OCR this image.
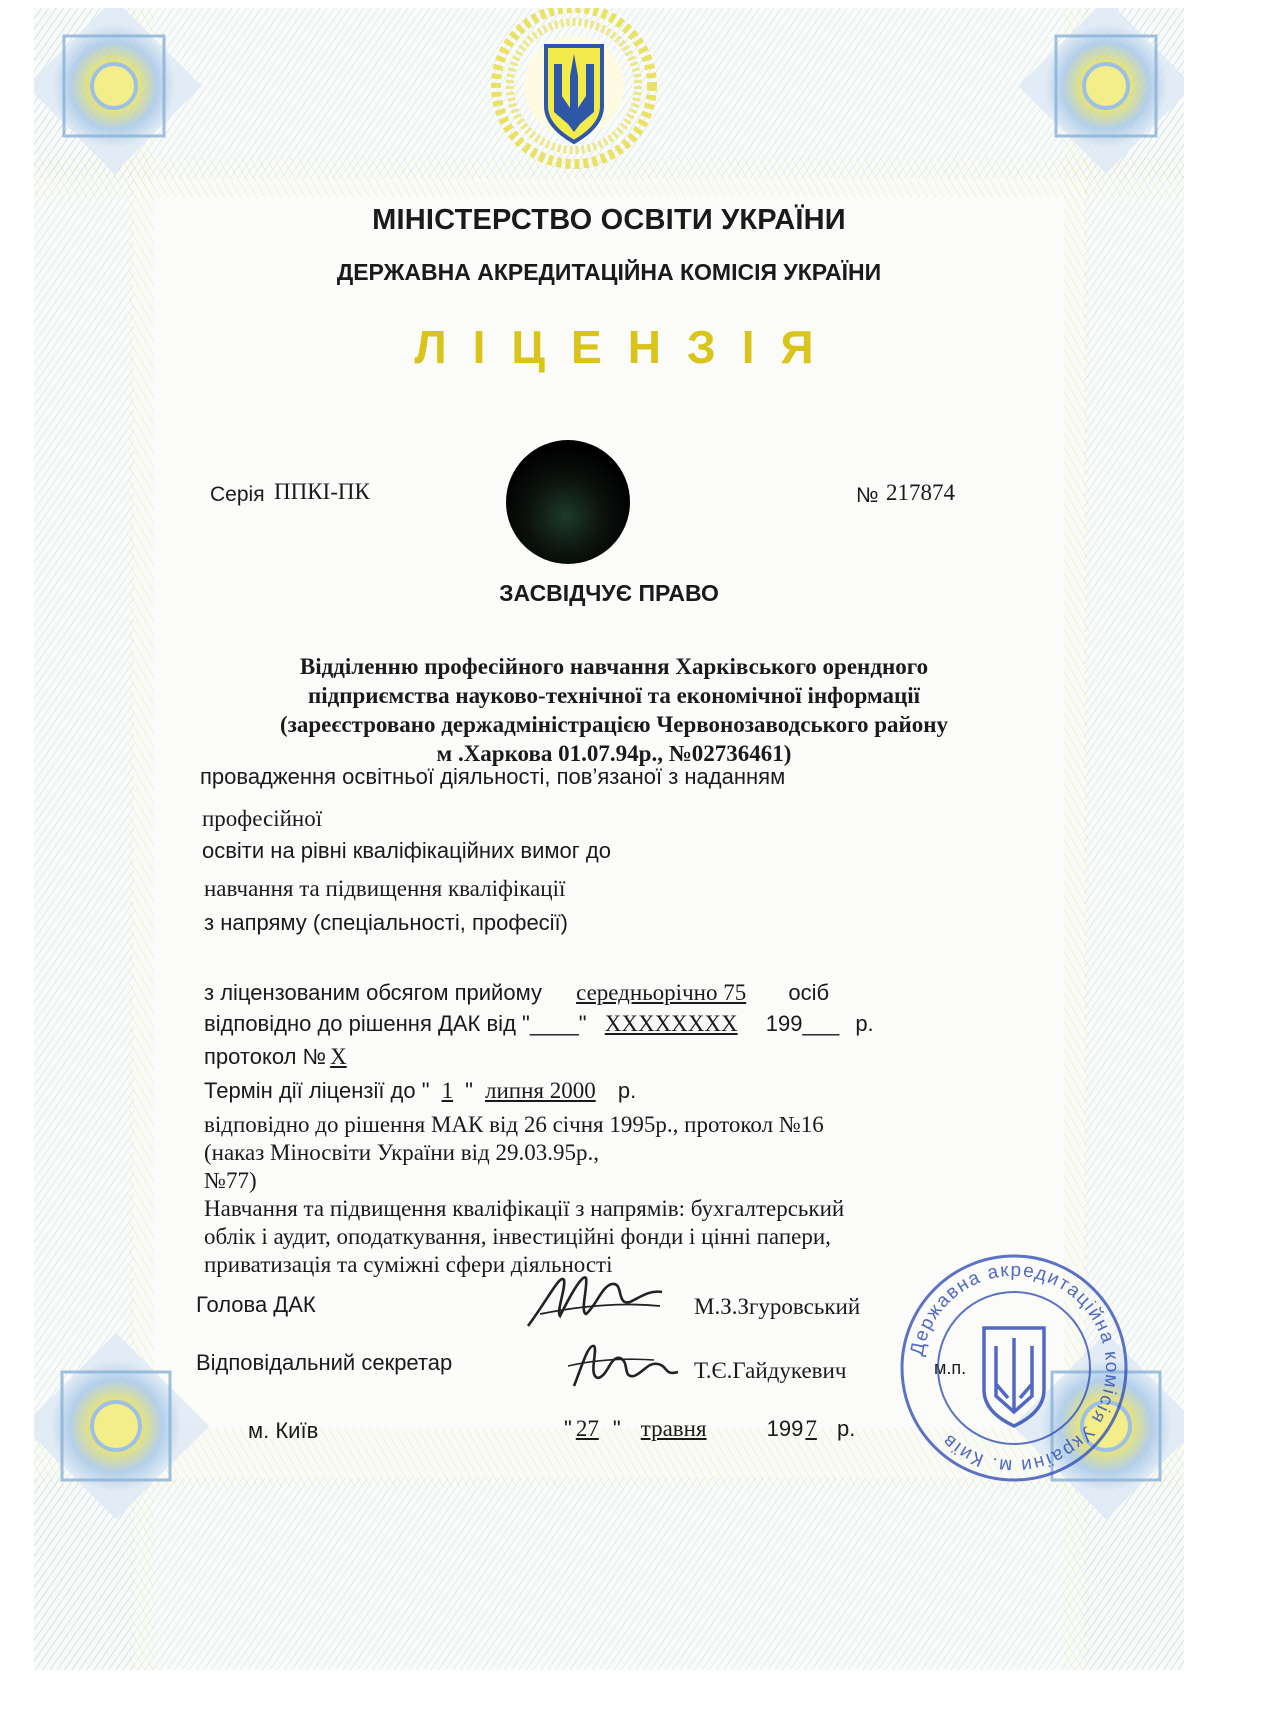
МІНІСТЕРСТВО ОСВІТИ УКРАЇНИ
ДЕРЖАВНА АКРЕДИТАЦІЙНА КОМІСІЯ УКРАЇНИ
ЛІЦЕНЗІЯ
Серія ППКІ-ПК	№ 217874
ЗАСВІДЧУЄ ПРАВО
Відділенню професійного навчання Харківського орендного
підприємства науково-технічної та економічної інформації
(зареєстровано держадміністрацією Червонозаводського району
м .Харкова 01.07.94р., №02736461)
провадження освітньої діяльності, пов’язаної з наданням
професійної
освіти на рівні кваліфікаційних вимог до
навчання та підвищення кваліфікації
з напряму (спеціальності, професії)
з ліцензованим обсягом прийому середньорічно 75 осіб
відповідно до рішення ДАК від "____" XXXXXXXX 199___ р.
протокол № Х
Термін дії ліцензії до " 1 " липня 2000 р.
відповідно до рішення МАК від 26 січня 1995р., протокол №16
(наказ Міносвіти України від 29.03.95р.,
№77)
Навчання та підвищення кваліфікації з напрямів: бухгалтерський
облік і аудит, оподаткування, інвестиційні фонди і цінні папери,
приватизація та суміжні сфери діяльності
Голова ДАК	М.З.Згуровський
Відповідальний секретар	Т.Є.Гайдукевич	м.п.
Державна акредитаційна комісія України м. Київ
м. Київ	" 27 " травня	1997 р.
